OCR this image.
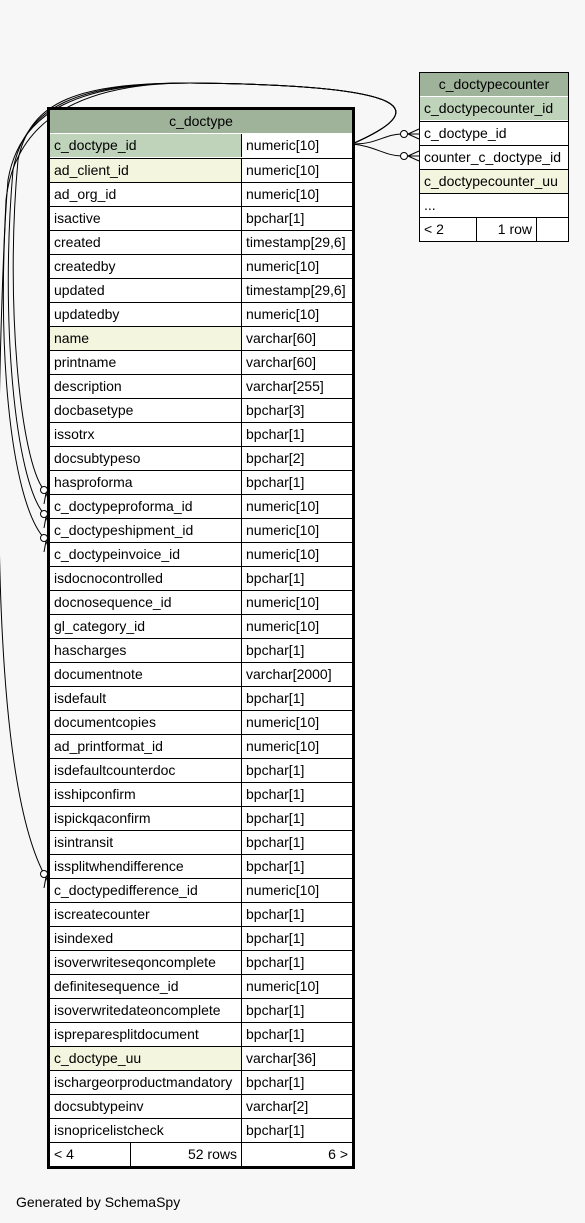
c_doctype
c_doctype_id	numeric[10]
ad_client_id	numeric[10]
ad_org_id	numeric[10]
isactive	bpchar[1]
created	timestamp[29,6]
createdby	numeric[10]
updated	timestamp[29,6]
updatedby	numeric[10]
name	varchar[60]
printname	varchar[60]
description	varchar[255]
docbasetype	bpchar[3]
issotrx	bpchar[1]
docsubtypeso	bpchar[2]
hasproforma	bpchar[1]
c_doctypeproforma_id	numeric[10]
c_doctypeshipment_id	numeric[10]
c_doctypeinvoice_id	numeric[10]
isdocnocontrolled	bpchar[1]
docnosequence_id	numeric[10]
gl_category_id	numeric[10]
hascharges	bpchar[1]
documentnote	varchar[2000]
isdefault	bpchar[1]
documentcopies	numeric[10]
ad_printformat_id	numeric[10]
isdefaultcounterdoc	bpchar[1]
isshipconfirm	bpchar[1]
ispickqaconfirm	bpchar[1]
isintransit	bpchar[1]
issplitwhendifference	bpchar[1]
c_doctypedifference_id	numeric[10]
iscreatecounter	bpchar[1]
isindexed	bpchar[1]
isoverwriteseqoncomplete	bpchar[1]
definitesequence_id	numeric[10]
isoverwritedateoncomplete	bpchar[1]
ispreparesplitdocument	bpchar[1]
c_doctype_uu	varchar[36]
ischargeorproductmandatory bpchar[1]
docsubtypeinv	varchar[2]
isnopricelistcheck	bpchar[1]
< 4	52 rows	6 >
c_doctypecounter
c_doctypecounter_id
c_doctype_id
counter_c_doctype_id
c_doctypecounter_uu
...
< 2	1 row
Generated by SchemaSpy
